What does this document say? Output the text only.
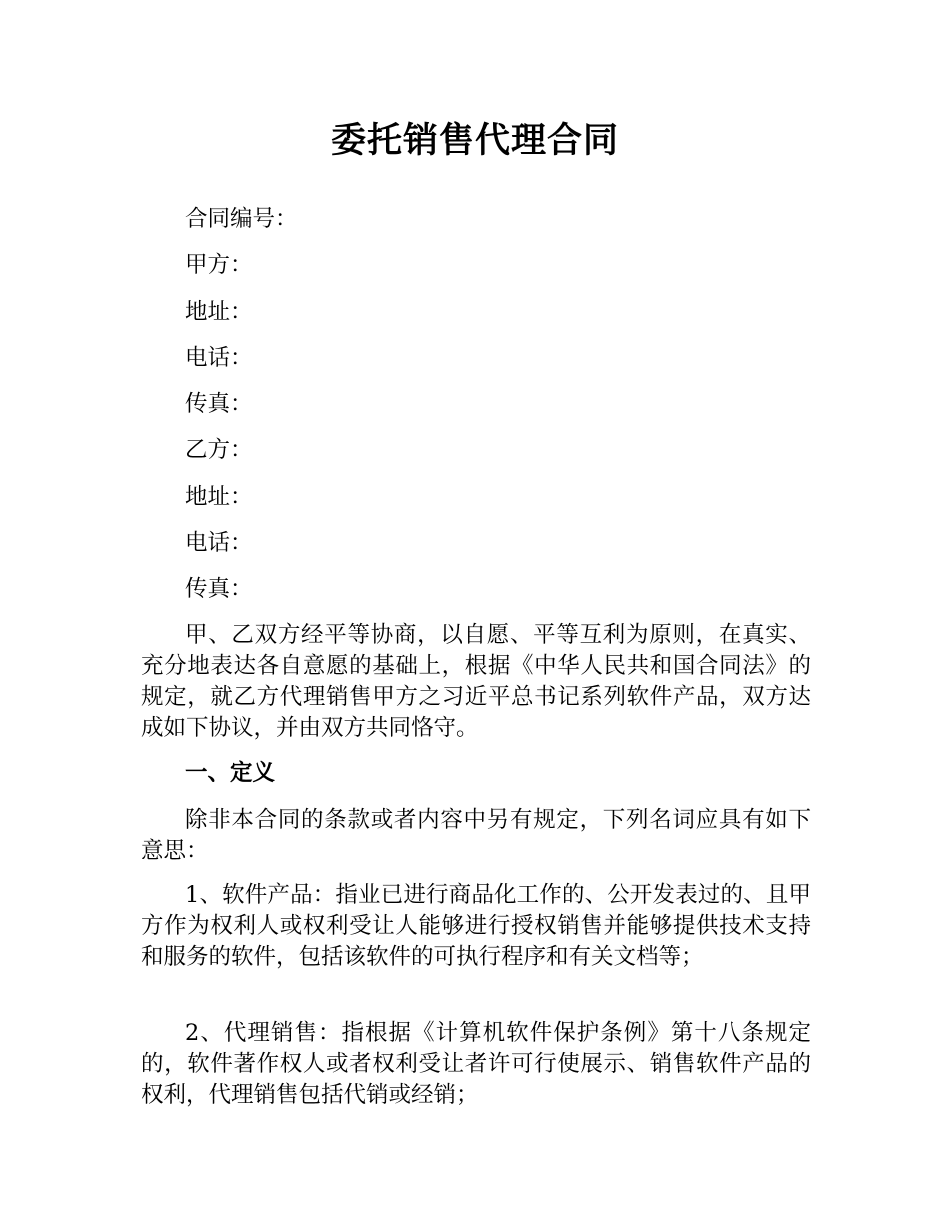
委托销售代理合同
合同编号：
甲方：
地址：
电话：
传真：
乙方：
地址：
电话：
传真：

甲、乙双方经平等协商，以自愿、平等互利为原则，在真实、充分地表达各自意愿的基础上，根据《中华人民共和国合同法》的规定，就乙方代理销售甲方之习近平总书记系列软件产品，双方达成如下协议，并由双方共同恪守。

一、定义

除非本合同的条款或者内容中另有规定，下列名词应具有如下意思：

1、软件产品：指业已进行商品化工作的、公开发表过的、且甲方作为权利人或权利受让人能够进行授权销售并能够提供技术支持和服务的软件，包括该软件的可执行程序和有关文档等；

2、代理销售：指根据《计算机软件保护条例》第十八条规定的，软件著作权人或者权利受让者许可行使展示、销售软件产品的权利，代理销售包括代销或经销；
